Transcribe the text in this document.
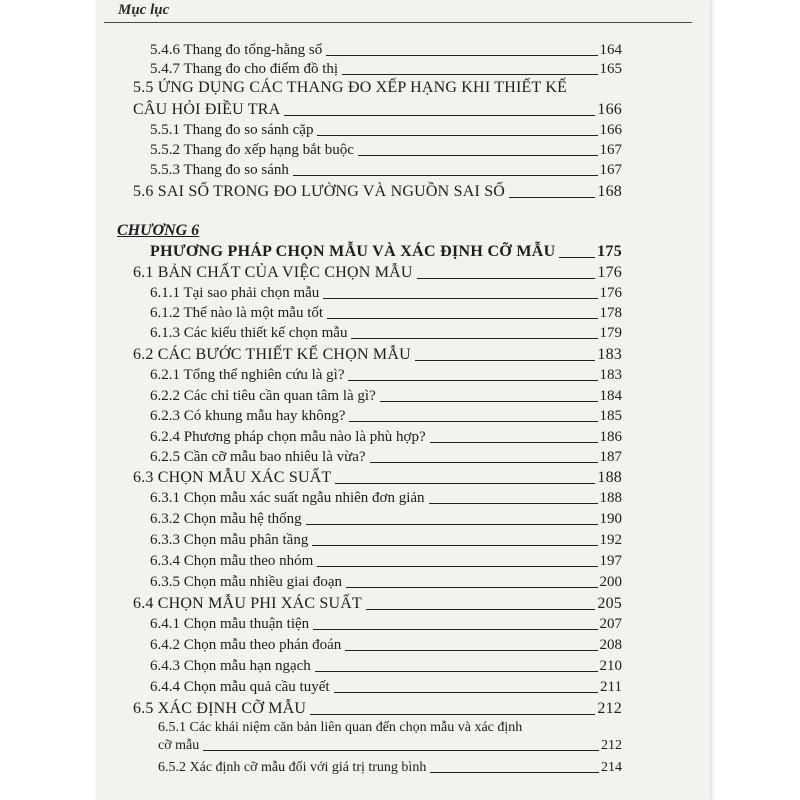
Mục lục
5.4.6 Thang đo tổng-hằng số	164
5.4.7 Thang đo cho điểm đồ thị	165
5.5 ỨNG DỤNG CÁC THANG ĐO XẾP HẠNG KHI THIẾT KẾ
CÂU HỎI ĐIỀU TRA	166
5.5.1 Thang đo so sánh cặp	166
5.5.2 Thang đo xếp hạng bắt buộc	167
5.5.3 Thang đo so sánh	167
5.6 SAI SỐ TRONG ĐO LƯỜNG VÀ NGUỒN SAI SỐ	168
CHƯƠNG 6
PHƯƠNG PHÁP CHỌN MẪU VÀ XÁC ĐỊNH CỠ MẪU	175
6.1 BẢN CHẤT CỦA VIỆC CHỌN MẪU	176
6.1.1 Tại sao phải chọn mẫu	176
6.1.2 Thế nào là một mẫu tốt	178
6.1.3 Các kiểu thiết kế chọn mẫu	179
6.2 CÁC BƯỚC THIẾT KẾ CHỌN MẪU	183
6.2.1 Tổng thể nghiên cứu là gì?	183
6.2.2 Các chỉ tiêu cần quan tâm là gì?	184
6.2.3 Có khung mẫu hay không?	185
6.2.4 Phương pháp chọn mẫu nào là phù hợp?	186
6.2.5 Cần cỡ mẫu bao nhiêu là vừa?	187
6.3 CHỌN MẪU XÁC SUẤT	188
6.3.1 Chọn mẫu xác suất ngẫu nhiên đơn giản	188
6.3.2 Chọn mẫu hệ thống	190
6.3.3 Chọn mẫu phân tầng	192
6.3.4 Chọn mẫu theo nhóm	197
6.3.5 Chọn mẫu nhiều giai đoạn	200
6.4 CHỌN MẪU PHI XÁC SUẤT	205
6.4.1 Chọn mẫu thuận tiện	207
6.4.2 Chọn mẫu theo phán đoán	208
6.4.3 Chọn mẫu hạn ngạch	210
6.4.4 Chọn mẫu quả cầu tuyết	211
6.5 XÁC ĐỊNH CỠ MẪU	212
6.5.1 Các khái niệm căn bản liên quan đến chọn mẫu và xác định
cỡ mẫu	212
6.5.2 Xác định cỡ mẫu đối với giá trị trung bình	214
